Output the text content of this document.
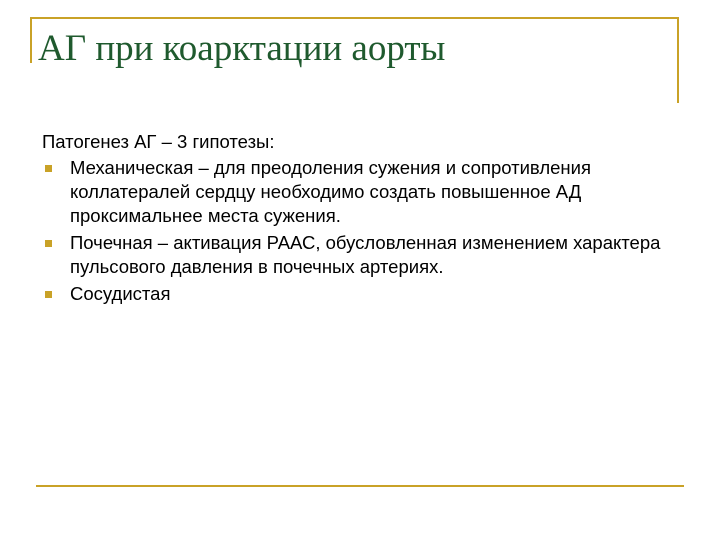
АГ при коарктации аорты

Патогенез АГ – 3 гипотезы:

Механическая – для преодоления сужения и сопротивления коллатералей сердцу необходимо создать повышенное АД проксимальнее места сужения.
Почечная – активация РААС, обусловленная изменением характера пульсового давления в почечных артериях.
Сосудистая
